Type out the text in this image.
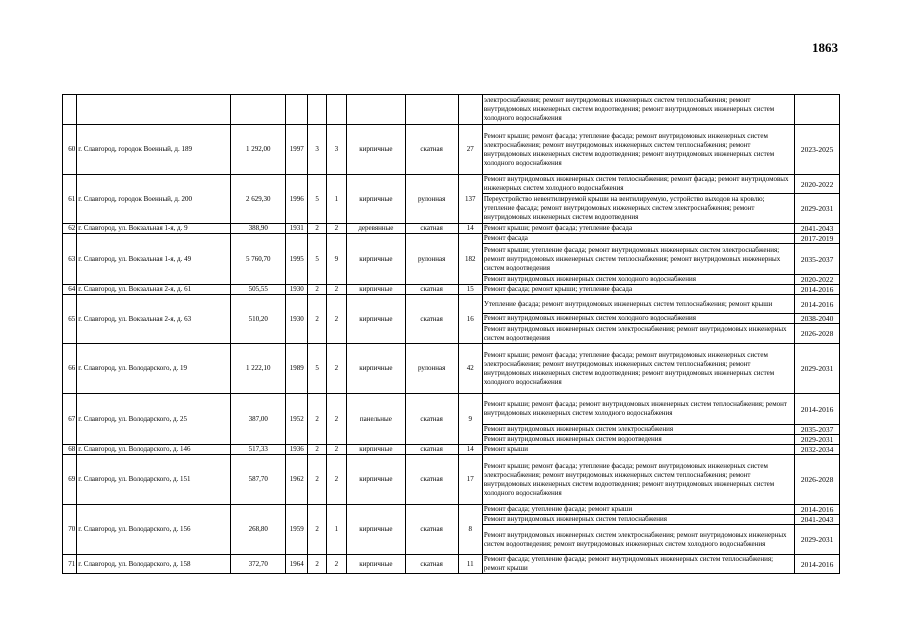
1863
									электроснабжения; ремонт внутридомовых инженерных систем теплоснабжения; ремонт внутридомовых инженерных систем водоотведения; ремонт внутридомовых инженерных систем холодного водоснабжения	
60	г. Славгород, городок Военный, д. 189	1 292,00	1997	3	3	кирпичные	скатная	27	Ремонт крыши; ремонт фасада; утепление фасада; ремонт внутридомовых инженерных систем электроснабжения; ремонт внутридомовых инженерных систем теплоснабжения; ремонт внутридомовых инженерных систем водоотведения; ремонт внутридомовых инженерных систем холодного водоснабжения	2023-2025
61	г. Славгород, городок Военный, д. 200	2 629,30	1996	5	1	кирпичные	рулонная	137	Ремонт внутридомовых инженерных систем теплоснабжения; ремонт фасада; ремонт внутридомовых инженерных систем холодного водоснабжения	2020-2022
									Переустройство невентилируемой крыши на вентилируемую, устройство выходов на кровлю; утепление фасада; ремонт внутридомовых инженерных систем электроснабжения; ремонт внутридомовых инженерных систем водоотведения	2029-2031
62	г. Славгород, ул. Вокзальная 1-я, д. 9	388,90	1931	2	2	деревянные	скатная	14	Ремонт крыши; ремонт фасада; утепление фасада	2041-2043
63	г. Славгород, ул. Вокзальная 1-я, д. 49	5 760,70	1995	5	9	кирпичные	рулонная	182	Ремонт фасада	2017-2019
									Ремонт крыши; утепление фасада; ремонт внутридомовых инженерных систем электроснабжения; ремонт внутридомовых инженерных систем теплоснабжения; ремонт внутридомовых инженерных систем водоотведения	2035-2037
									Ремонт внутридомовых инженерных систем холодного водоснабжения	2020-2022
64	г. Славгород, ул. Вокзальная 2-я, д. 61	505,55	1930	2	2	кирпичные	скатная	15	Ремонт фасада; ремонт крыши; утепление фасада	2014-2016
65	г. Славгород, ул. Вокзальная 2-я, д. 63	510,20	1930	2	2	кирпичные	скатная	16	Утепление фасада; ремонт внутридомовых инженерных систем теплоснабжения; ремонт крыши	2014-2016
									Ремонт внутридомовых инженерных систем холодного водоснабжения	2038-2040
									Ремонт внутридомовых инженерных систем электроснабжения; ремонт внутридомовых инженерных систем водоотведения	2026-2028
66	г. Славгород, ул. Володарского, д. 19	1 222,10	1989	5	2	кирпичные	рулонная	42	Ремонт крыши; ремонт фасада; утепление фасада; ремонт внутридомовых инженерных систем электроснабжения; ремонт внутридомовых инженерных систем теплоснабжения; ремонт внутридомовых инженерных систем водоотведения; ремонт внутридомовых инженерных систем холодного водоснабжения	2029-2031
67	г. Славгород, ул. Володарского, д. 25	387,00	1952	2	2	панельные	скатная	9	Ремонт крыши; ремонт фасада; ремонт внутридомовых инженерных систем теплоснабжения; ремонт внутридомовых инженерных систем холодного водоснабжения	2014-2016
									Ремонт внутридомовых инженерных систем электроснабжения	2035-2037
									Ремонт внутридомовых инженерных систем водоотведения	2029-2031
68	г. Славгород, ул. Володарского, д. 146	517,33	1936	2	2	кирпичные	скатная	14	Ремонт крыши	2032-2034
69	г. Славгород, ул. Володарского, д. 151	587,70	1962	2	2	кирпичные	скатная	17	Ремонт крыши; ремонт фасада; утепление фасада; ремонт внутридомовых инженерных систем электроснабжения; ремонт внутридомовых инженерных систем теплоснабжения; ремонт внутридомовых инженерных систем водоотведения; ремонт внутридомовых инженерных систем холодного водоснабжения	2026-2028
70	г. Славгород, ул. Володарского, д. 156	268,80	1959	2	1	кирпичные	скатная	8	Ремонт фасада; утепление фасада; ремонт крыши	2014-2016
									Ремонт внутридомовых инженерных систем теплоснабжения	2041-2043
									Ремонт внутридомовых инженерных систем электроснабжения; ремонт внутридомовых инженерных систем водоотведения; ремонт внутридомовых инженерных систем холодного водоснабжения	2029-2031
71	г. Славгород, ул. Володарского, д. 158	372,70	1964	2	2	кирпичные	скатная	11	Ремонт фасада; утепление фасада; ремонт внутридомовых инженерных систем теплоснабжения; ремонт крыши	2014-2016
